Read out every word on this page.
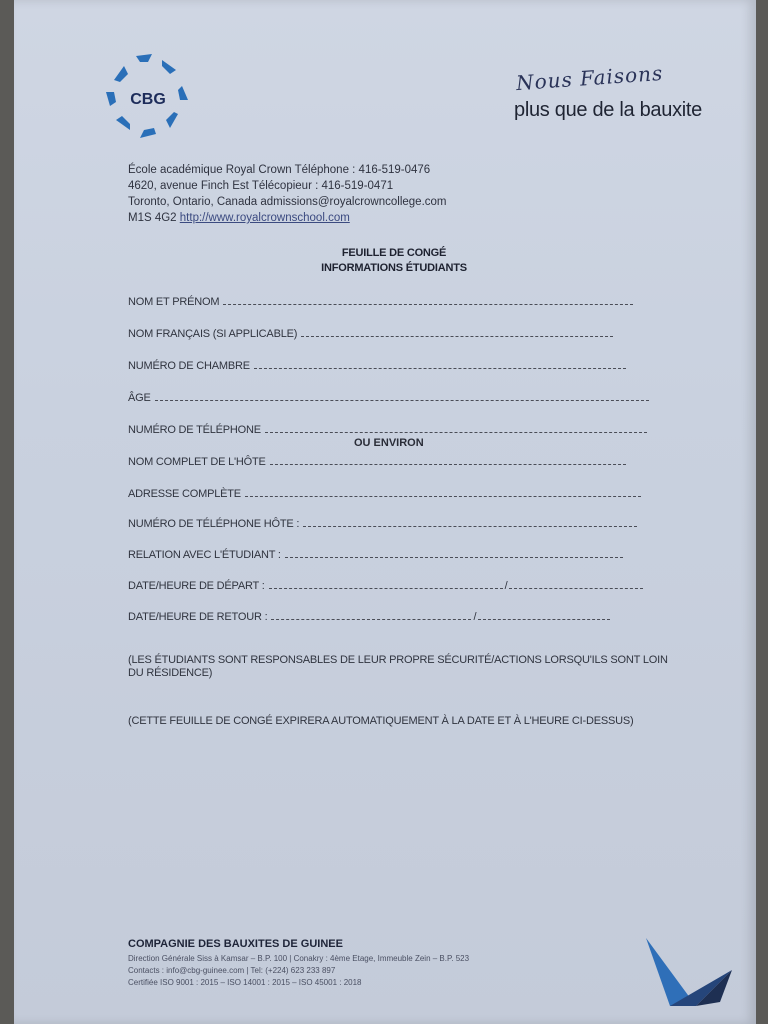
CBG
Nous Faisons
plus que de la bauxite
École académique Royal Crown Téléphone : 416-519-0476
4620, avenue Finch Est Télécopieur : 416-519-0471
Toronto, Ontario, Canada admissions@royalcrowncollege.com
M1S 4G2 http://www.royalcrownschool.com
FEUILLE DE CONGÉ
INFORMATIONS ÉTUDIANTS
NOM ET PRÉNOM
NOM FRANÇAIS (SI APPLICABLE)
NUMÉRO DE CHAMBRE
ÂGE
NUMÉRO DE TÉLÉPHONE
OU ENVIRON
NOM COMPLET DE L'HÔTE
ADRESSE COMPLÈTE
NUMÉRO DE TÉLÉPHONE HÔTE :
RELATION AVEC L'ÉTUDIANT :
DATE/HEURE DE DÉPART :	/
DATE/HEURE DE RETOUR :	/
(LES ÉTUDIANTS SONT RESPONSABLES DE LEUR PROPRE SÉCURITÉ/ACTIONS LORSQU'ILS SONT LOIN DU RÉSIDENCE)
(CETTE FEUILLE DE CONGÉ EXPIRERA AUTOMATIQUEMENT À LA DATE ET À L'HEURE CI-DESSUS)
COMPAGNIE DES BAUXITES DE GUINEE
Direction Générale Siss à Kamsar – B.P. 100 | Conakry : 4ème Etage, Immeuble Zein – B.P. 523
Contacts : info@cbg-guinee.com | Tel: (+224) 623 233 897
Certifiée ISO 9001 : 2015 – ISO 14001 : 2015 – ISO 45001 : 2018
